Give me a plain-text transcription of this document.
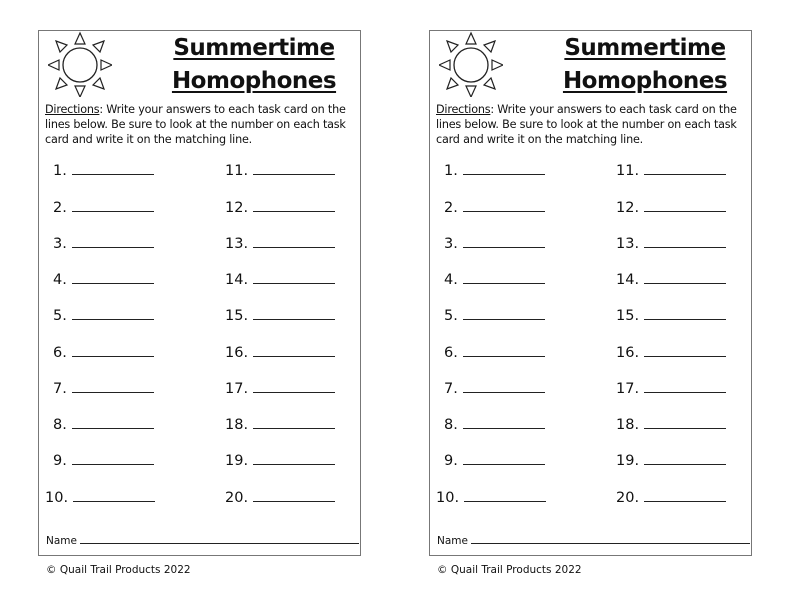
Summertime
Homophones
Directions: Write your answers to each task card on the lines below. Be sure to look at the number on each task card and write it on the matching line.
1.	11.
2.	12.
3.	13.
4.	14.
5.	15.
6.	16.
7.	17.
8.	18.
9.	19.
10.	20.
Name
© Quail Trail Products 2022
Summertime
Homophones
Directions: Write your answers to each task card on the lines below. Be sure to look at the number on each task card and write it on the matching line.
1.	11.
2.	12.
3.	13.
4.	14.
5.	15.
6.	16.
7.	17.
8.	18.
9.	19.
10.	20.
Name
© Quail Trail Products 2022
